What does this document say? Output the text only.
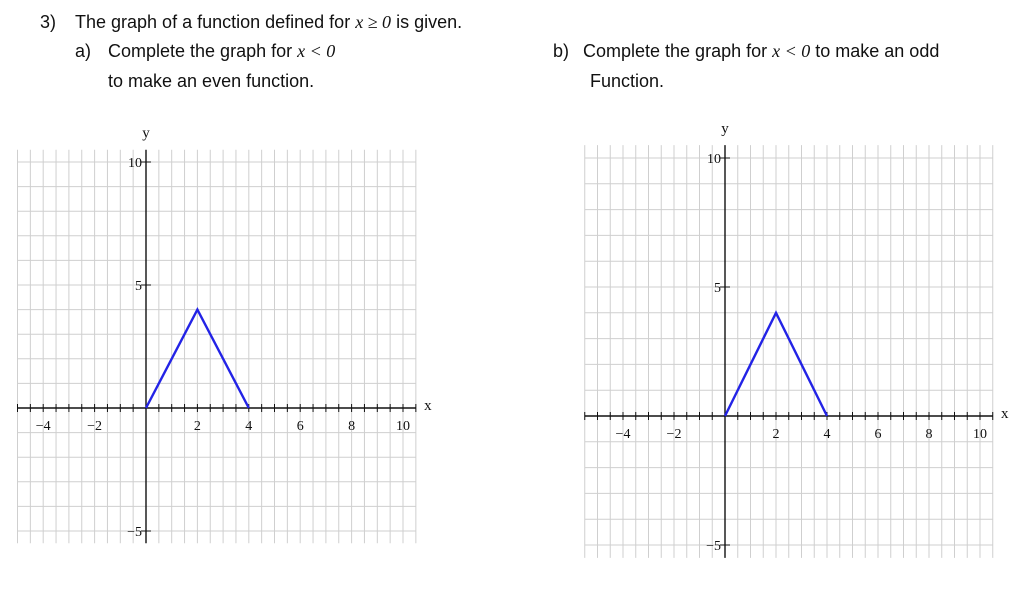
3) The graph of a function defined for x ≥ 0 is given.
a) Complete the graph for x < 0
to make an even function.
b) Complete the graph for x < 0 to make an odd
Function.
−4	−2	2	4	6	8	10
10
5
−5
x
y
−4	−2	2	4	6	8	10
10
5
−5
x
y
